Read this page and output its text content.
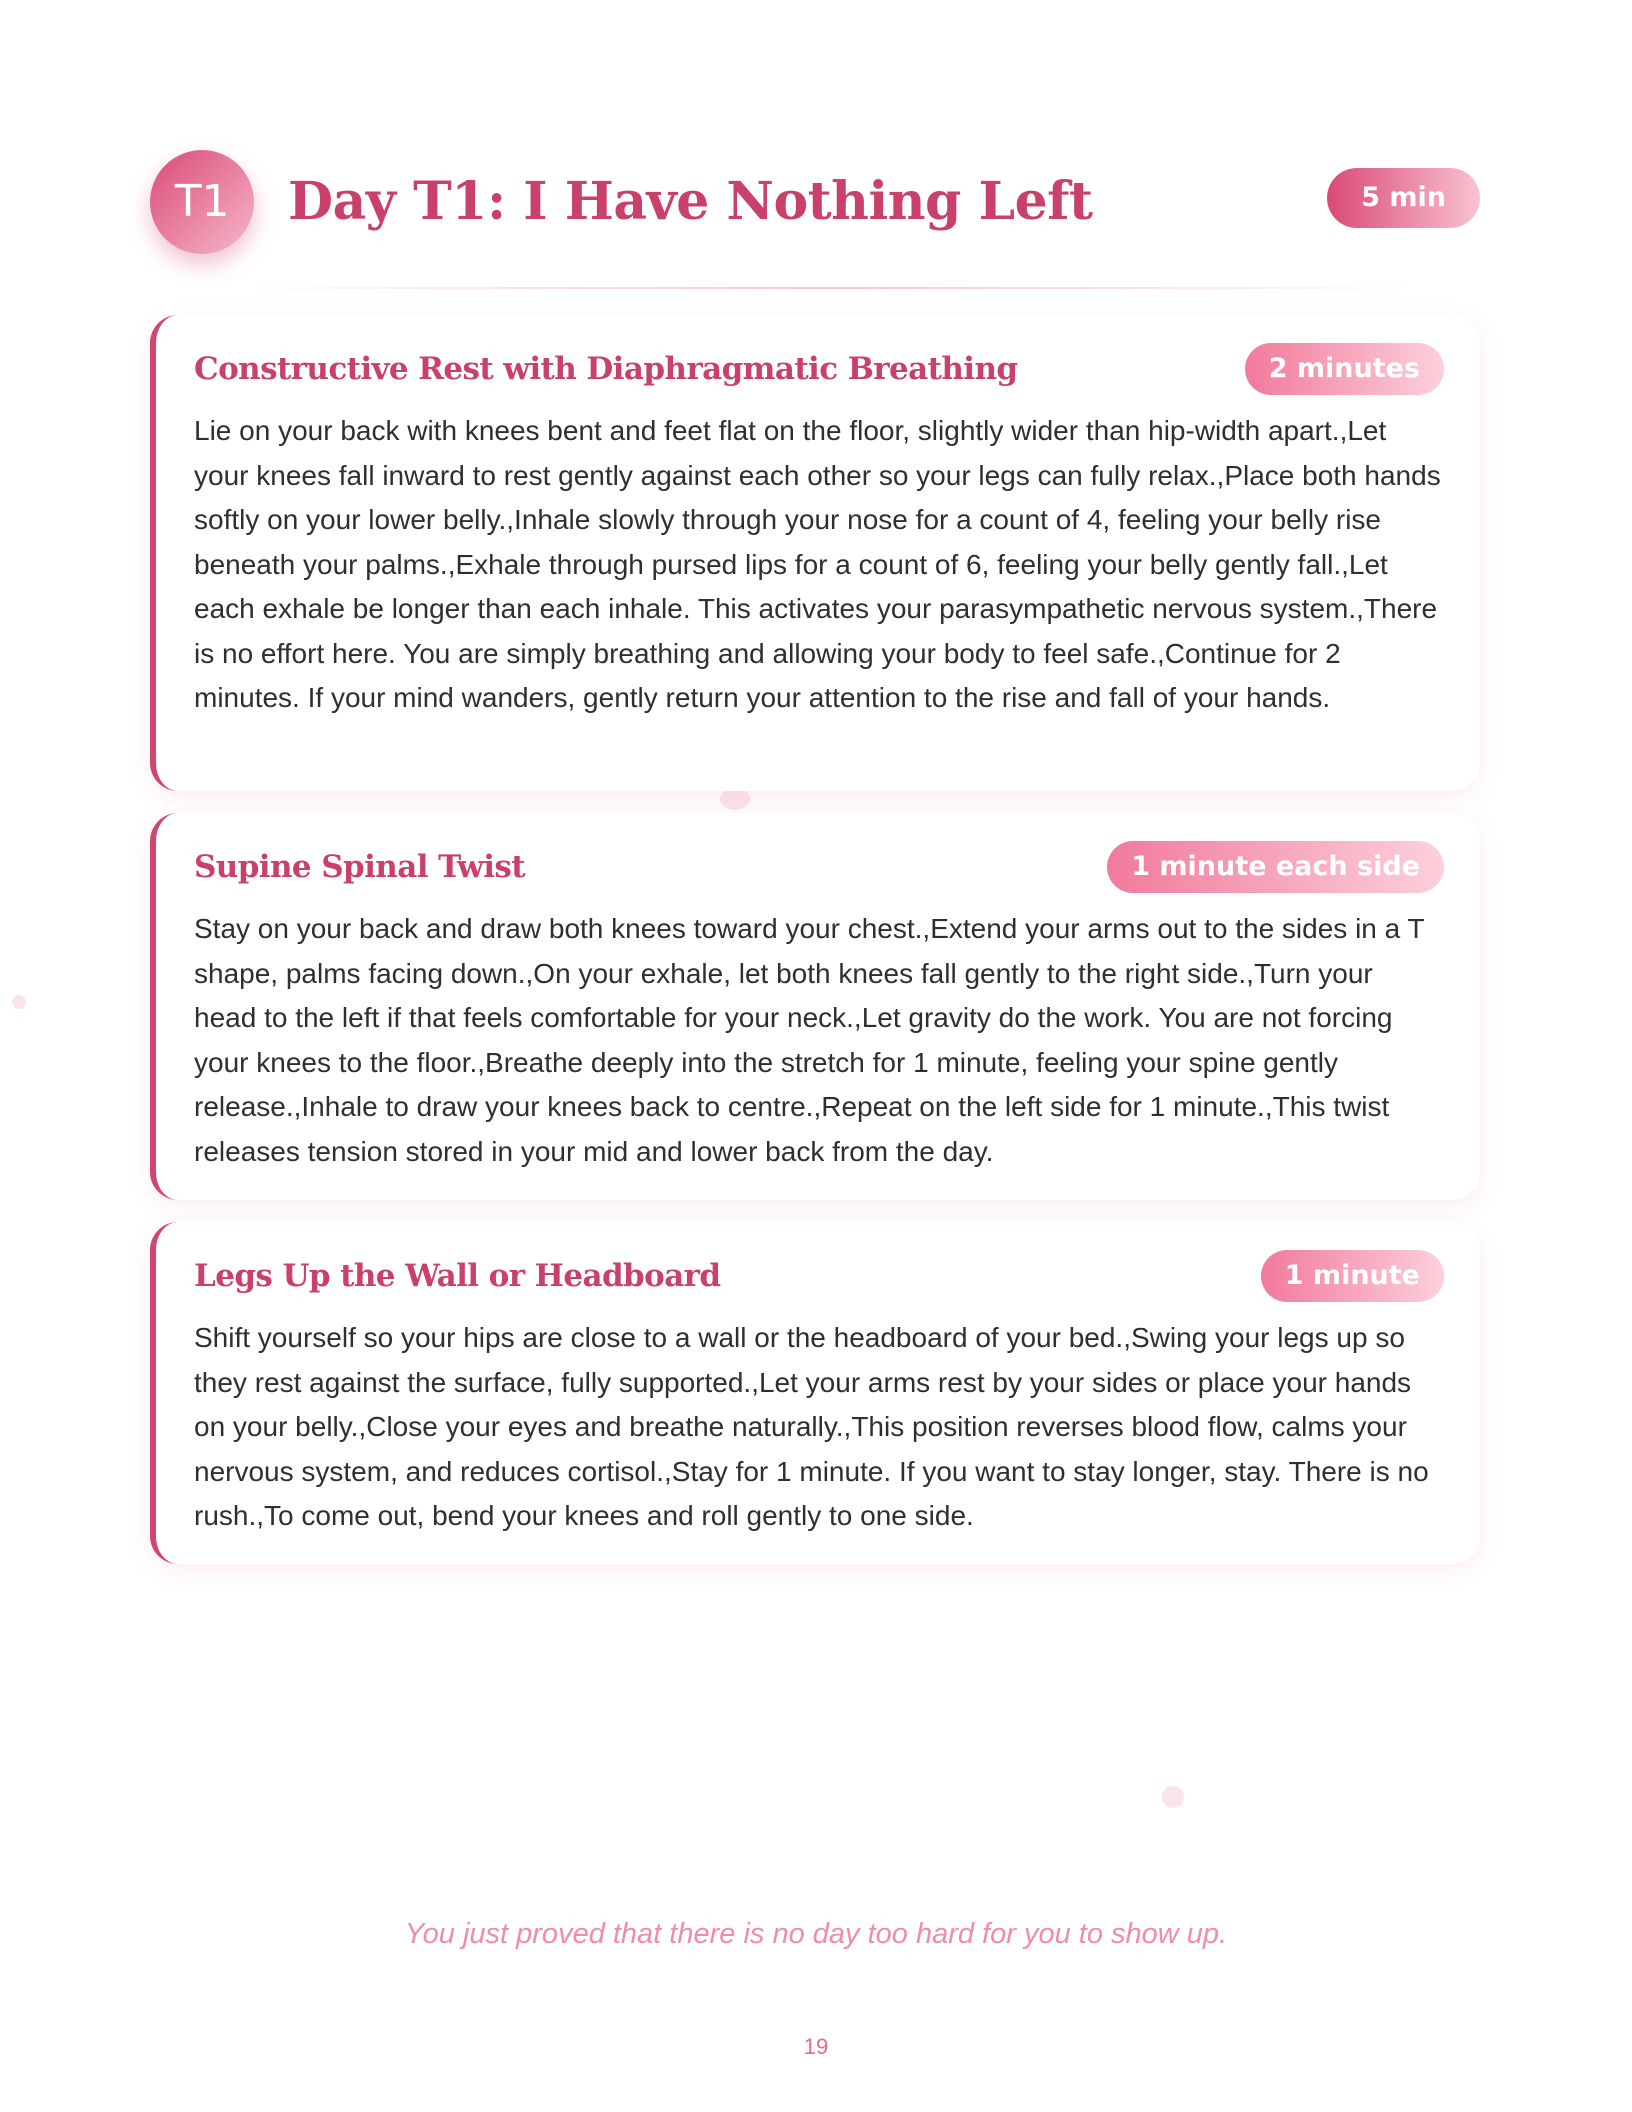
T1	Day T1: I Have Nothing Left	5 min
Constructive Rest with Diaphragmatic Breathing	2 minutes

Lie on your back with knees bent and feet flat on the floor, slightly wider than hip-width apart.,Let your knees fall inward to rest gently against each other so your legs can fully relax.,Place both hands softly on your lower belly.,Inhale slowly through your nose for a count of 4, feeling your belly rise beneath your palms.,Exhale through pursed lips for a count of 6, feeling your belly gently fall.,Let each exhale be longer than each inhale. This activates your parasympathetic nervous system.,There is no effort here. You are simply breathing and allowing your body to feel safe.,Continue for 2 minutes. If your mind wanders, gently return your attention to the rise and fall of your hands.

Supine Spinal Twist	1 minute each side

Stay on your back and draw both knees toward your chest.,Extend your arms out to the sides in a T shape, palms facing down.,On your exhale, let both knees fall gently to the right side.,Turn your head to the left if that feels comfortable for your neck.,Let gravity do the work. You are not forcing your knees to the floor.,Breathe deeply into the stretch for 1 minute, feeling your spine gently release.,Inhale to draw your knees back to centre.,Repeat on the left side for 1 minute.,This twist releases tension stored in your mid and lower back from the day.

Legs Up the Wall or Headboard	1 minute

Shift yourself so your hips are close to a wall or the headboard of your bed.,Swing your legs up so they rest against the surface, fully supported.,Let your arms rest by your sides or place your hands on your belly.,Close your eyes and breathe naturally.,This position reverses blood flow, calms your nervous system, and reduces cortisol.,Stay for 1 minute. If you want to stay longer, stay. There is no rush.,To come out, bend your knees and roll gently to one side.

You just proved that there is no day too hard for you to show up.
19
